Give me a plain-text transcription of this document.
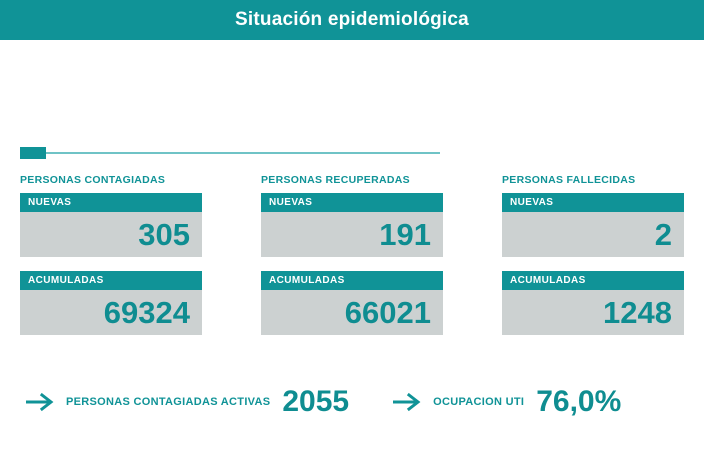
Situación epidemiológica
PERSONAS CONTAGIADAS
NUEVAS
305
ACUMULADAS
69324
PERSONAS RECUPERADAS
NUEVAS
191
ACUMULADAS
66021
PERSONAS FALLECIDAS
NUEVAS
2
ACUMULADAS
1248
PERSONAS CONTAGIADAS ACTIVAS 2055	OCUPACION UTI 76,0%
